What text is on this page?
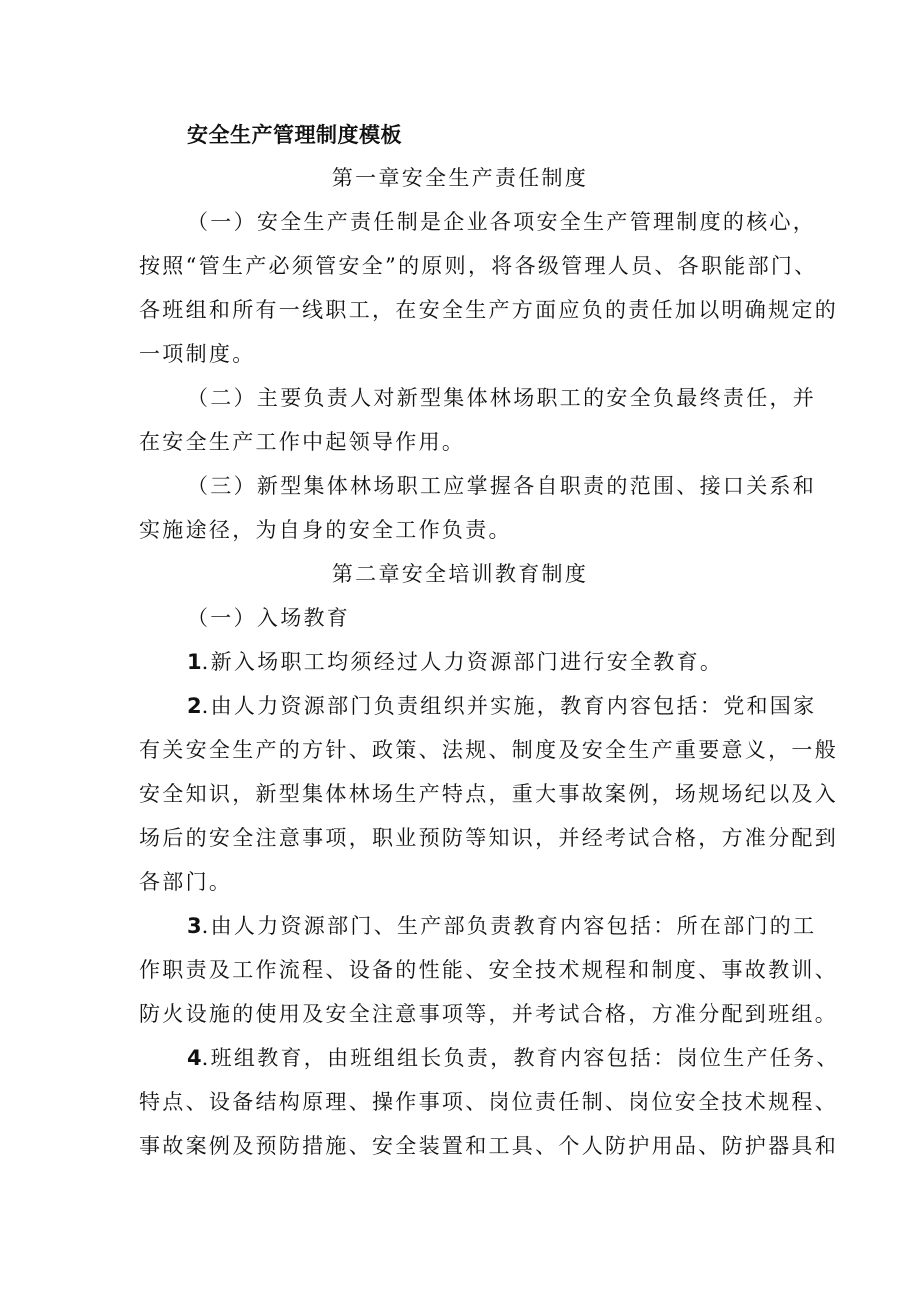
安全生产管理制度模板
第一章安全生产责任制度
（一）安全生产责任制是企业各项安全生产管理制度的核心，
按照“管生产必须管安全”的原则，将各级管理人员、各职能部门、
各班组和所有一线职工，在安全生产方面应负的责任加以明确规定的
一项制度。
（二）主要负责人对新型集体林场职工的安全负最终责任，并
在安全生产工作中起领导作用。
（三）新型集体林场职工应掌握各自职责的范围、接口关系和
实施途径，为自身的安全工作负责。
第二章安全培训教育制度
（一）入场教育
1.新入场职工均须经过人力资源部门进行安全教育。
2.由人力资源部门负责组织并实施，教育内容包括：党和国家
有关安全生产的方针、政策、法规、制度及安全生产重要意义，一般
安全知识，新型集体林场生产特点，重大事故案例，场规场纪以及入
场后的安全注意事项，职业预防等知识，并经考试合格，方准分配到
各部门。
3.由人力资源部门、生产部负责教育内容包括：所在部门的工
作职责及工作流程、设备的性能、安全技术规程和制度、事故教训、
防火设施的使用及安全注意事项等，并考试合格，方准分配到班组。
4.班组教育，由班组组长负责，教育内容包括：岗位生产任务、
特点、设备结构原理、操作事项、岗位责任制、岗位安全技术规程、
事故案例及预防措施、安全装置和工具、个人防护用品、防护器具和
